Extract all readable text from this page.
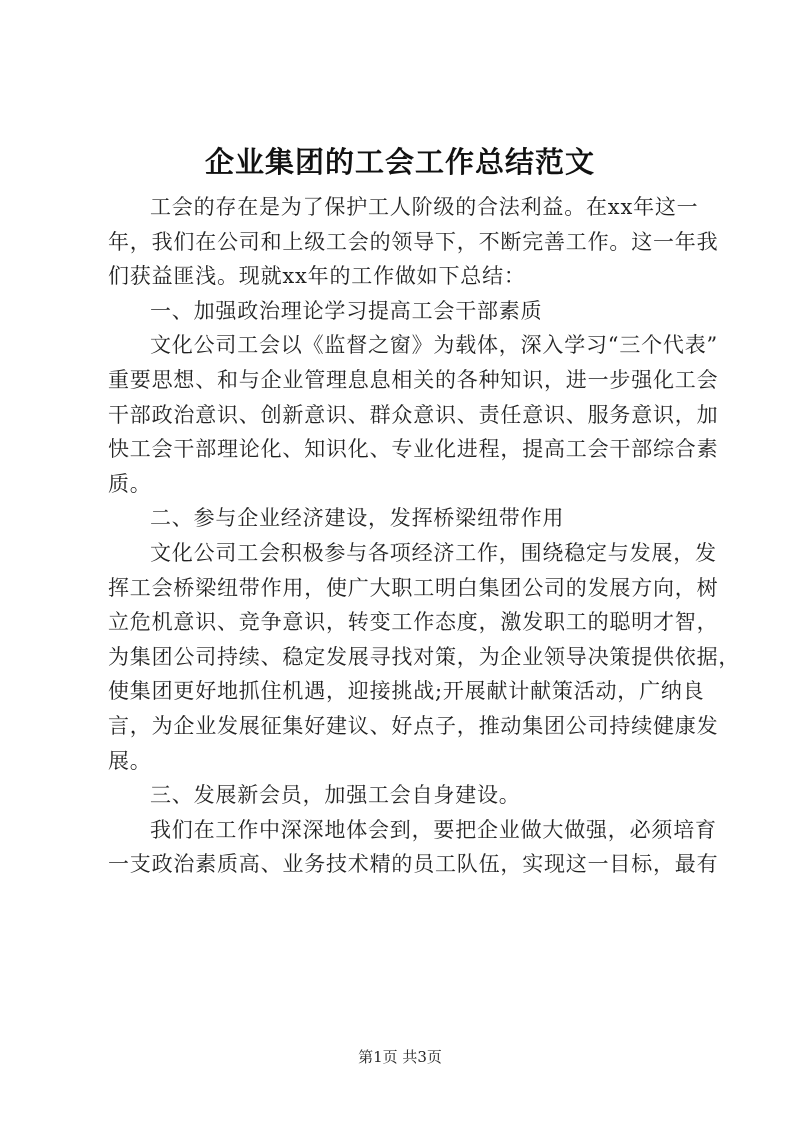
企业集团的工会工作总结范文
工会的存在是为了保护工人阶级的合法利益。在xx年这一
年，我们在公司和上级工会的领导下，不断完善工作。这一年我
们获益匪浅。现就xx年的工作做如下总结：
一、加强政治理论学习提高工会干部素质
文化公司工会以《监督之窗》为载体，深入学习“三个代表”
重要思想、和与企业管理息息相关的各种知识，进一步强化工会
干部政治意识、创新意识、群众意识、责任意识、服务意识，加
快工会干部理论化、知识化、专业化进程，提高工会干部综合素
质。
二、参与企业经济建设，发挥桥梁纽带作用
文化公司工会积极参与各项经济工作，围绕稳定与发展，发
挥工会桥梁纽带作用，使广大职工明白集团公司的发展方向，树
立危机意识、竞争意识，转变工作态度，激发职工的聪明才智，
为集团公司持续、稳定发展寻找对策，为企业领导决策提供依据，
使集团更好地抓住机遇，迎接挑战;开展献计献策活动，广纳良
言，为企业发展征集好建议、好点子，推动集团公司持续健康发
展。
三、发展新会员，加强工会自身建设。
我们在工作中深深地体会到，要把企业做大做强，必须培育
一支政治素质高、业务技术精的员工队伍，实现这一目标，最有
第1页 共3页
